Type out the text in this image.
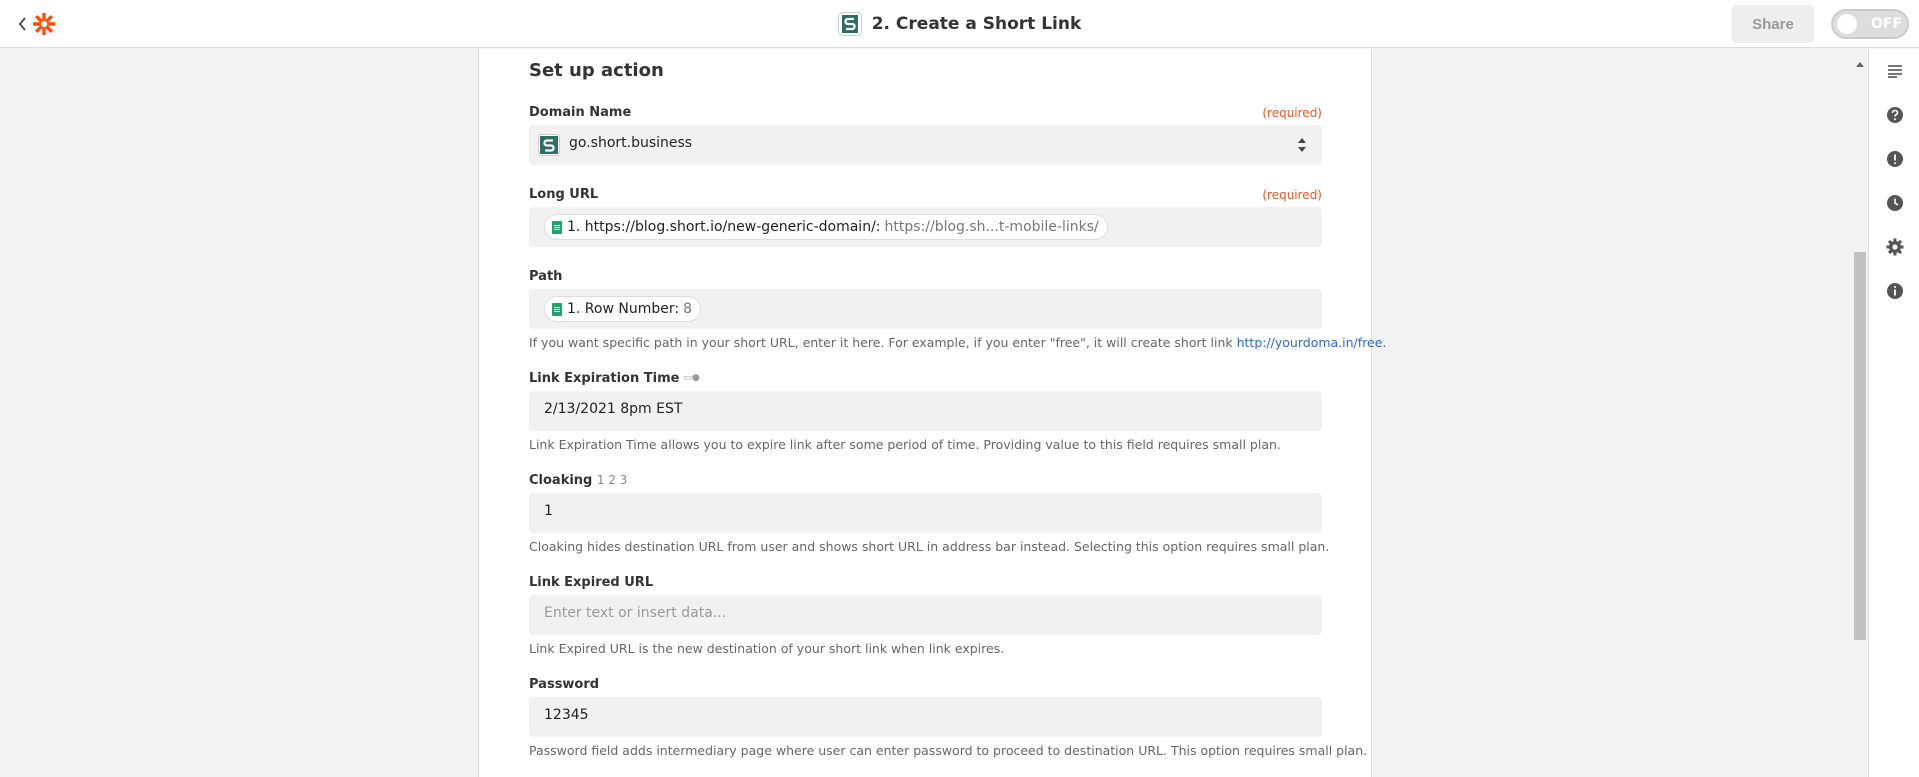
2. Create a Short Link	Share	OFF
Set up action
Domain Name	(required)
go.short.business
Long URL	(required)
1. https://blog.short.io/new-generic-domain/: https://blog.sh...t-mobile-links/
Path
1. Row Number: 8
If you want specific path in your short URL, enter it here. For example, if you enter "free", it will create short link http://yourdoma.in/free.
Link Expiration Time ▭●
2/13/2021 8pm EST
Link Expiration Time allows you to expire link after some period of time. Providing value to this field requires small plan.
Cloaking 1 2 3
1
Cloaking hides destination URL from user and shows short URL in address bar instead. Selecting this option requires small plan.
Link Expired URL
Enter text or insert data...
Link Expired URL is the new destination of your short link when link expires.
Password
12345
Password field adds intermediary page where user can enter password to proceed to destination URL. This option requires small plan.
